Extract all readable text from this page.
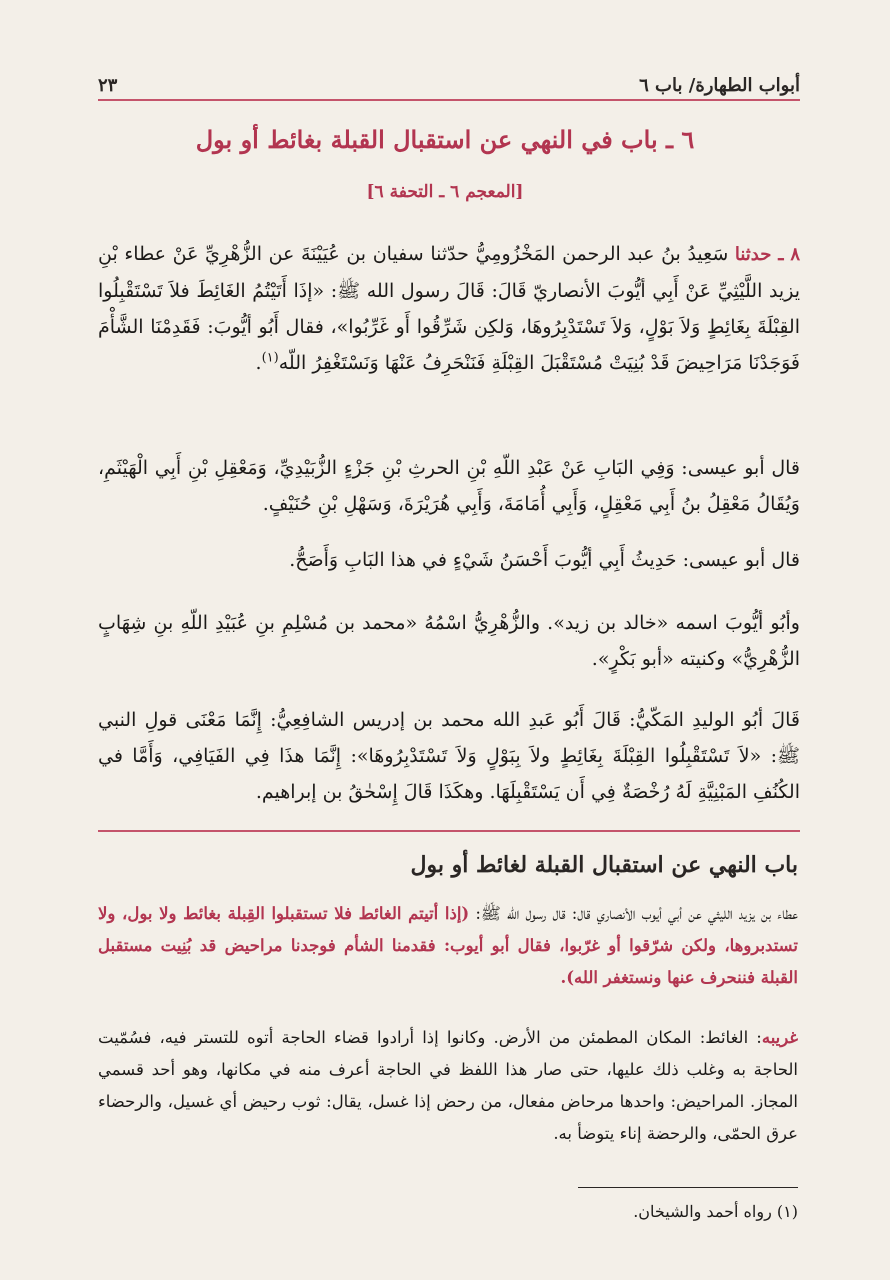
أبواب الطهارة/ باب ٦
٢٣
٦ ـ باب في النهي عن استقبال القبلة بغائط أو بول
[المعجم ٦ ـ التحفة ٦]
٨ ـ حدثنا سَعِيدُ بنُ عبد الرحمن المَخْزُومِيُّ حدّثنا سفيان بن عُيَيْنَةَ عن الزُّهْرِيِّ عَنْ عطاء بْنِ يزيد اللَّيْثِيِّ عَنْ أَبِي أيُّوبَ الأنصاريّ قَالَ: قَالَ رسول الله ﷺ: «إذَا أَتَيْتُمُ الغَائِطَ فلاَ تَسْتَقْبِلُوا القِبْلَةَ بِغَائِطٍ وَلاَ بَوْلٍ، وَلاَ تَسْتَدْبِرُوهَا، وَلكِن شَرِّقُوا أَو غَرِّبُوا»، فقال أَبُو أيُّوبَ: فَقَدِمْنَا الشَّأْمَ فَوَجَدْنَا مَرَاحِيضَ قَدْ بُنِيَتْ مُسْتَقْبَلَ القِبْلَةِ فَنَنْحَرِفُ عَنْهَا وَنَسْتَغْفِرُ اللّه$^{(١)}$.
قال أبو عيسى: وَفِي البَابِ عَنْ عَبْدِ اللّهِ بْنِ الحرثِ بْنِ جَزْءٍ الزُّبَيْدِيِّ، وَمَعْقِلِ بْنِ أَبِي الْهَيْثَمِ، وَيُقَالُ مَعْقِلُ بنُ أَبِي مَعْقِلٍ، وَأَبِي أُمَامَةَ، وَأَبِي هُرَيْرَةَ، وَسَهْلِ بْنِ حُنَيْفٍ.
قال أبو عيسى: حَدِيثُ أَبِي أيُّوبَ أَحْسَنُ شَيْءٍ في هذا البَابِ وَأَصَحُّ.
وأبُو أيُّوبَ اسمه «خالد بن زيد». والزُّهْرِيُّ اسْمُهُ «محمد بن مُسْلِمِ بنِ عُبَيْدِ اللّهِ بنِ شِهَابٍ الزُّهْرِيُّ» وكنيته «أبو بَكْرٍ».
قَالَ أبُو الوليدِ المَكّيُّ: قَالَ أَبُو عَبدِ الله محمد بن إدريس الشافِعِيُّ: إِنَّمَا مَعْنَى قولِ النبي ﷺ: «لاَ تَسْتَقْبِلُوا القِبْلَةَ بِغَائِطٍ ولاَ بِبَوْلٍ وَلاَ تَسْتَدْبِرُوهَا»: إِنَّمَا هذَا فِي الفَيَافِي، وَأَمَّا في الكُنُفِ المَبْنِيَّةِ لَهُ رُخْصَةٌ فِي أَن يَسْتَقْبِلَهَا. وهكَذَا قَالَ إِسْحٰقُ بن إبراهيم.
باب النهي عن استقبال القبلة لغائط أو بول
عطاء بن يزيد الليثي عن أبي أيوب الأنصاري قال: قال رسول الله ﷺ: (إذا أتيتم الغائط فلا تستقبلوا القِبلة بغائط ولا بول، ولا تستدبروها، ولكن شرّقوا أو غرّبوا، فقال أبو أيوب: فقدمنا الشأم فوجدنا مراحيض قد بُنِيت مستقبل القبلة فننحرف عنها ونستغفر الله).
غريبه: الغائط: المكان المطمئن من الأرض. وكانوا إذا أرادوا قضاء الحاجة أتوه للتستر فيه، فسُمّيت الحاجة به وغلب ذلك عليها، حتى صار هذا اللفظ في الحاجة أعرف منه في مكانها، وهو أحد قسمي المجاز. المراحيض: واحدها مرحاض مفعال، من رحض إذا غسل، يقال: ثوب رحيض أي غسيل، والرحضاء عرق الحمّى، والرحضة إناء يتوضأ به.
(١) رواه أحمد والشيخان.
